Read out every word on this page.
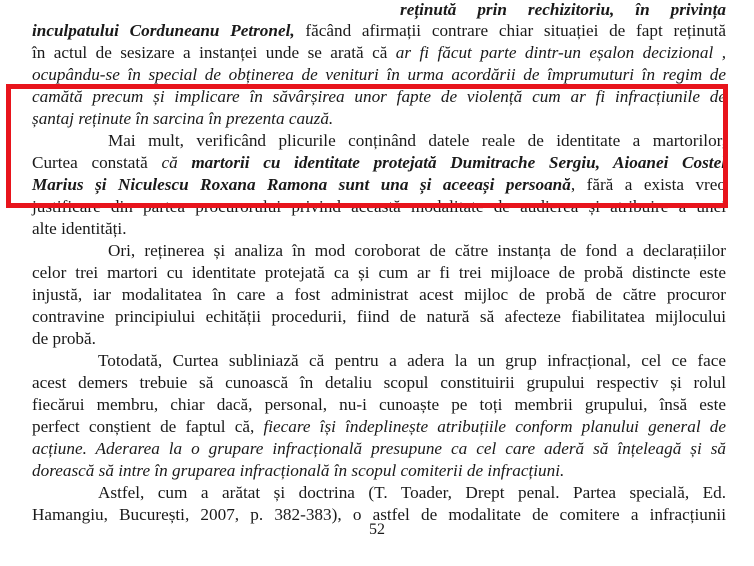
reținută prin rechizitoriu, în privința

inculpatului Corduneanu Petronel, făcând afirmații contrare chiar situației de fapt reținută

în actul de sesizare a instanței unde se arată că ar fi făcut parte dintr-un eșalon decizional ,

ocupându-se în special de obținerea de venituri în urma acordării de împrumuturi în regim de

camătă precum și implicare în săvârșirea unor fapte de violență cum ar fi infracțiunile de

șantaj reținute în sarcina în prezenta cauză.

Mai mult, verificând plicurile conținând datele reale de identitate a martorilor,

Curtea constată că martorii cu identitate protejată Dumitrache Sergiu, Aioanei Costel

Marius și Niculescu Roxana Ramona sunt una și aceeași persoană, fără a exista vreo

justificare din partea procurorului privind această modalitate de audierea și atribuire a unei

alte identități.

Ori, reținerea și analiza în mod coroborat de către instanța de fond a declarațiilor

celor trei martori cu identitate protejată ca și cum ar fi trei mijloace de probă distincte este

injustă, iar modalitatea în care a fost administrat acest mijloc de probă de către procuror

contravine principiului echității procedurii, fiind de natură să afecteze fiabilitatea mijlocului

de probă.

Totodată, Curtea subliniază că pentru a adera la un grup infracțional, cel ce face

acest demers trebuie să cunoască în detaliu scopul constituirii grupului respectiv și rolul

fiecărui membru, chiar dacă, personal, nu-i cunoaște pe toți membrii grupului, însă este

perfect conștient de faptul că, fiecare își îndeplinește atribuțiile conform planului general de

acțiune. Aderarea la o grupare infracțională presupune ca cel care aderă să înțeleagă și să

dorească să intre în gruparea infracțională în scopul comiterii de infracțiuni.

Astfel, cum a arătat și doctrina (T. Toader, Drept penal. Partea specială, Ed.

Hamangiu, București, 2007, p. 382-383), o astfel de modalitate de comitere a infracțiunii

52
